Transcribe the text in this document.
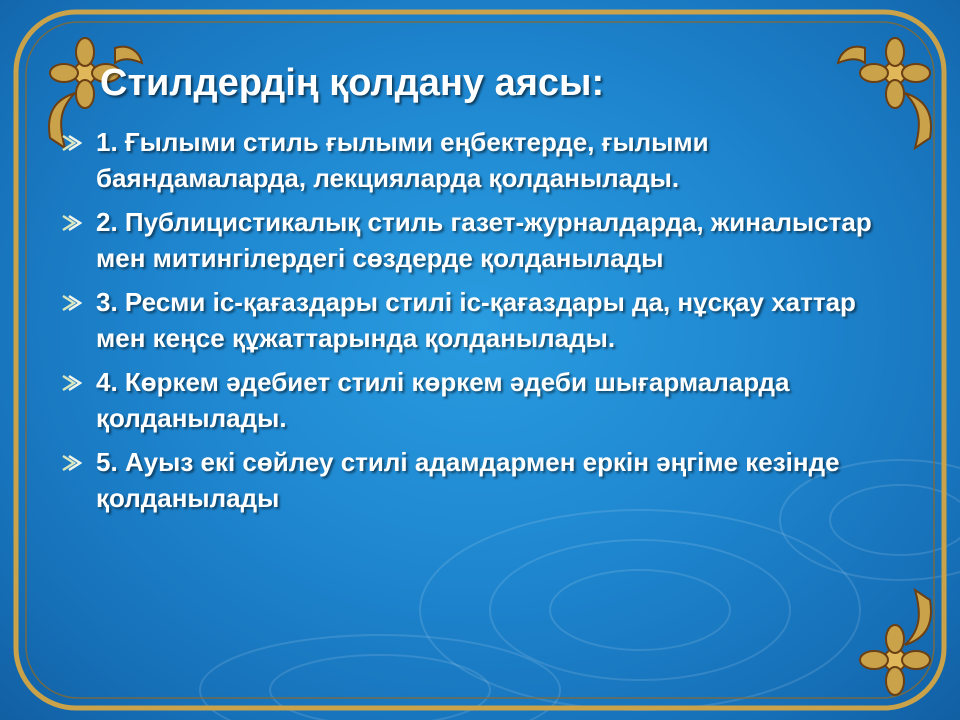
Стилдердің қолдану аясы:
1. Ғылыми стиль ғылыми еңбектерде, ғылыми баяндамаларда, лекцияларда қолданылады.
2. Публицистикалық стиль газет-журналдарда, жиналыстар мен митингілердегі сөздерде қолданылады
3. Ресми іс-қағаздары стилі іс-қағаздары да, нұсқау хаттар мен кеңсе құжаттарында қолданылады.
4. Көркем әдебиет стилі көркем әдеби шығармаларда қолданылады.
5. Ауыз екі сөйлеу стилі адамдармен еркін әңгіме кезінде қолданылады
